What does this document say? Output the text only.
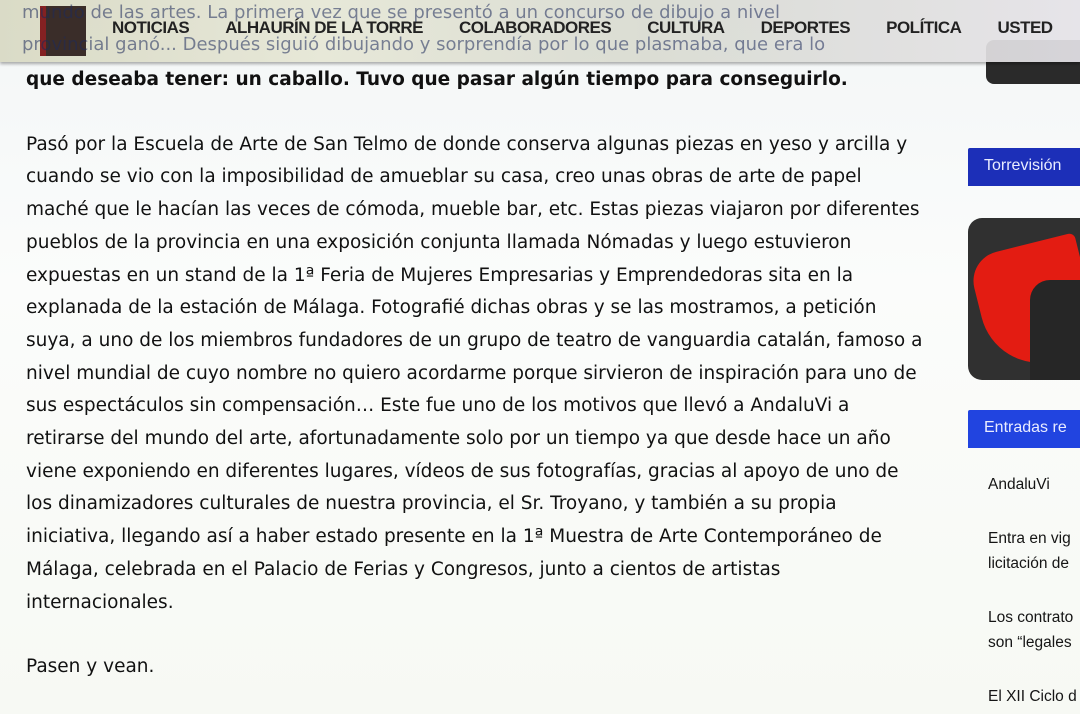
NOTICIAS ALHAURÍN DE LA TORRE COLABORADORES CULTURA DEPORTES POLÍTICA USTED
mundo de las artes. La primera vez que se presentó a un concurso de dibujo a nivel
provincial ganó... Después siguió dibujando y sorprendía por lo que plasmaba, que era lo

que deseaba tener: un caballo. Tuvo que pasar algún tiempo para conseguirlo.

Pasó por la Escuela de Arte de San Telmo de donde conserva algunas piezas en yeso y arcilla y cuando se vio con la imposibilidad de amueblar su casa, creo unas obras de arte de papel maché que le hacían las veces de cómoda, mueble bar, etc. Estas piezas viajaron por diferentes pueblos de la provincia en una exposición conjunta llamada Nómadas y luego estuvieron expuestas en un stand de la 1ª Feria de Mujeres Empresarias y Emprendedoras sita en la explanada de la estación de Málaga. Fotografié dichas obras y se las mostramos, a petición suya, a uno de los miembros fundadores de un grupo de teatro de vanguardia catalán, famoso a nivel mundial de cuyo nombre no quiero acordarme porque sirvieron de inspiración para uno de sus espectáculos sin compensación… Este fue uno de los motivos que llevó a AndaluVi a retirarse del mundo del arte, afortunadamente solo por un tiempo ya que desde hace un año viene exponiendo en diferentes lugares, vídeos de sus fotografías, gracias al apoyo de uno de los dinamizadores culturales de nuestra provincia, el Sr. Troyano, y también a su propia iniciativa, llegando así a haber estado presente en la 1ª Muestra de Arte Contemporáneo de Málaga, celebrada en el Palacio de Ferias y Congresos, junto a cientos de artistas internacionales.

Pasen y vean.

Torrevisión
Entradas re
AndaluVi
Entra en vig
licitación de
Los contrato
son “legales
El XII Ciclo d
